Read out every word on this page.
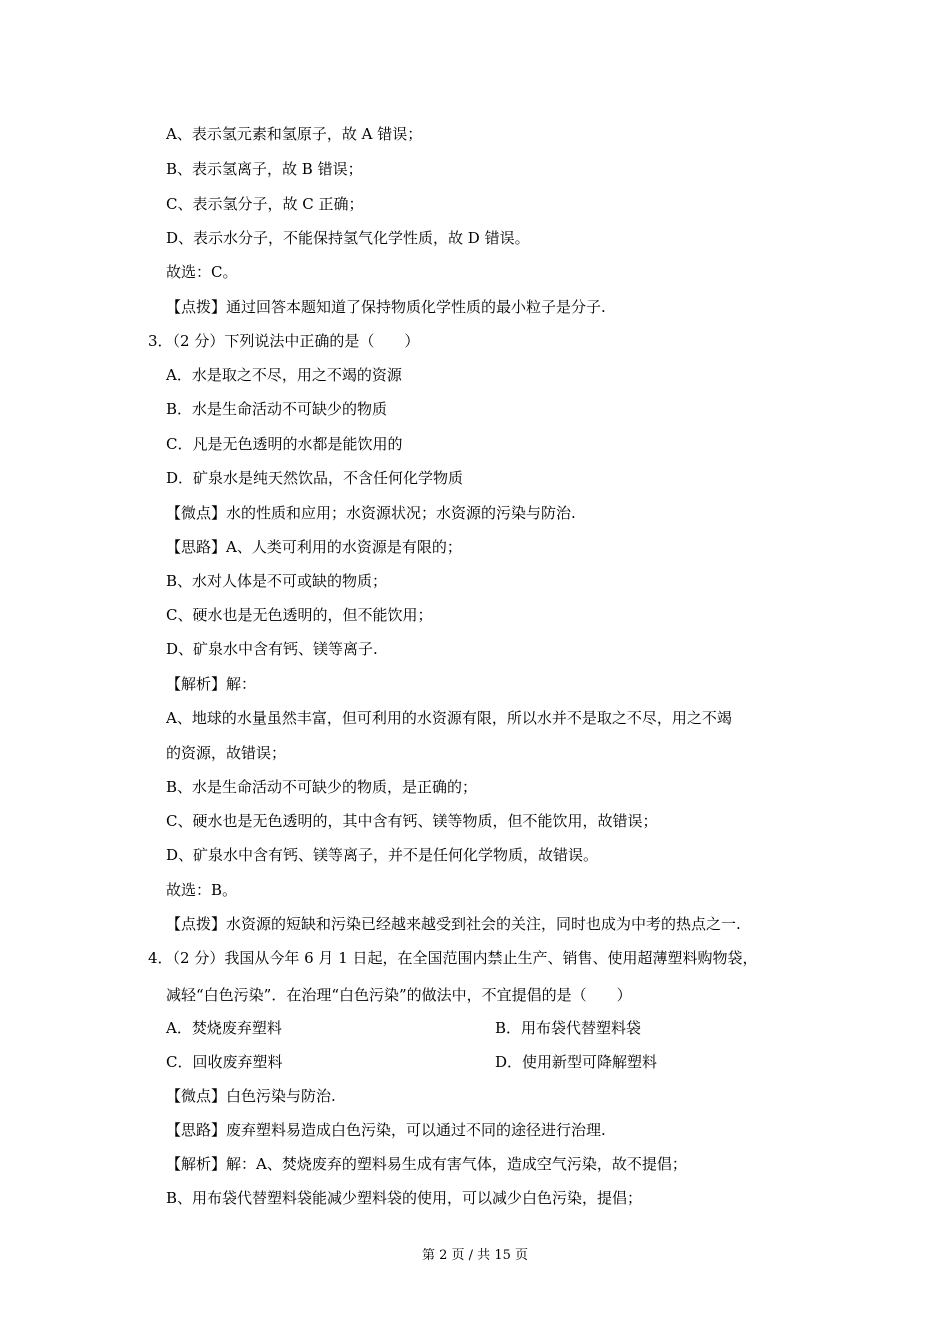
A、表示氢元素和氢原子，故 A 错误；
B、表示氢离子，故 B 错误；
C、表示氢分子，故 C 正确；
D、表示水分子，不能保持氢气化学性质，故 D 错误。
故选：C。
【点拨】通过回答本题知道了保持物质化学性质的最小粒子是分子.
3．（2 分）下列说法中正确的是（　　）
A．水是取之不尽，用之不竭的资源
B．水是生命活动不可缺少的物质
C．凡是无色透明的水都是能饮用的
D．矿泉水是纯天然饮品，不含任何化学物质
【微点】水的性质和应用；水资源状况；水资源的污染与防治.
【思路】A、人类可利用的水资源是有限的；
B、水对人体是不可或缺的物质；
C、硬水也是无色透明的，但不能饮用；
D、矿泉水中含有钙、镁等离子.
【解析】解：
A、地球的水量虽然丰富，但可利用的水资源有限，所以水并不是取之不尽，用之不竭
的资源，故错误；
B、水是生命活动不可缺少的物质，是正确的；
C、硬水也是无色透明的，其中含有钙、镁等物质，但不能饮用，故错误；
D、矿泉水中含有钙、镁等离子，并不是任何化学物质，故错误。
故选：B。
【点拨】水资源的短缺和污染已经越来越受到社会的关注，同时也成为中考的热点之一.
4．（2 分）我国从今年 6 月 1 日起，在全国范围内禁止生产、销售、使用超薄塑料购物袋，
减轻“白色污染”．在治理“白色污染”的做法中，不宜提倡的是（　　）
A．焚烧废弃塑料	B．用布袋代替塑料袋
C．回收废弃塑料	D．使用新型可降解塑料
【微点】白色污染与防治.
【思路】废弃塑料易造成白色污染，可以通过不同的途径进行治理.
【解析】解：A、焚烧废弃的塑料易生成有害气体，造成空气污染，故不提倡；
B、用布袋代替塑料袋能减少塑料袋的使用，可以减少白色污染，提倡；
第 2 页 / 共 15 页
